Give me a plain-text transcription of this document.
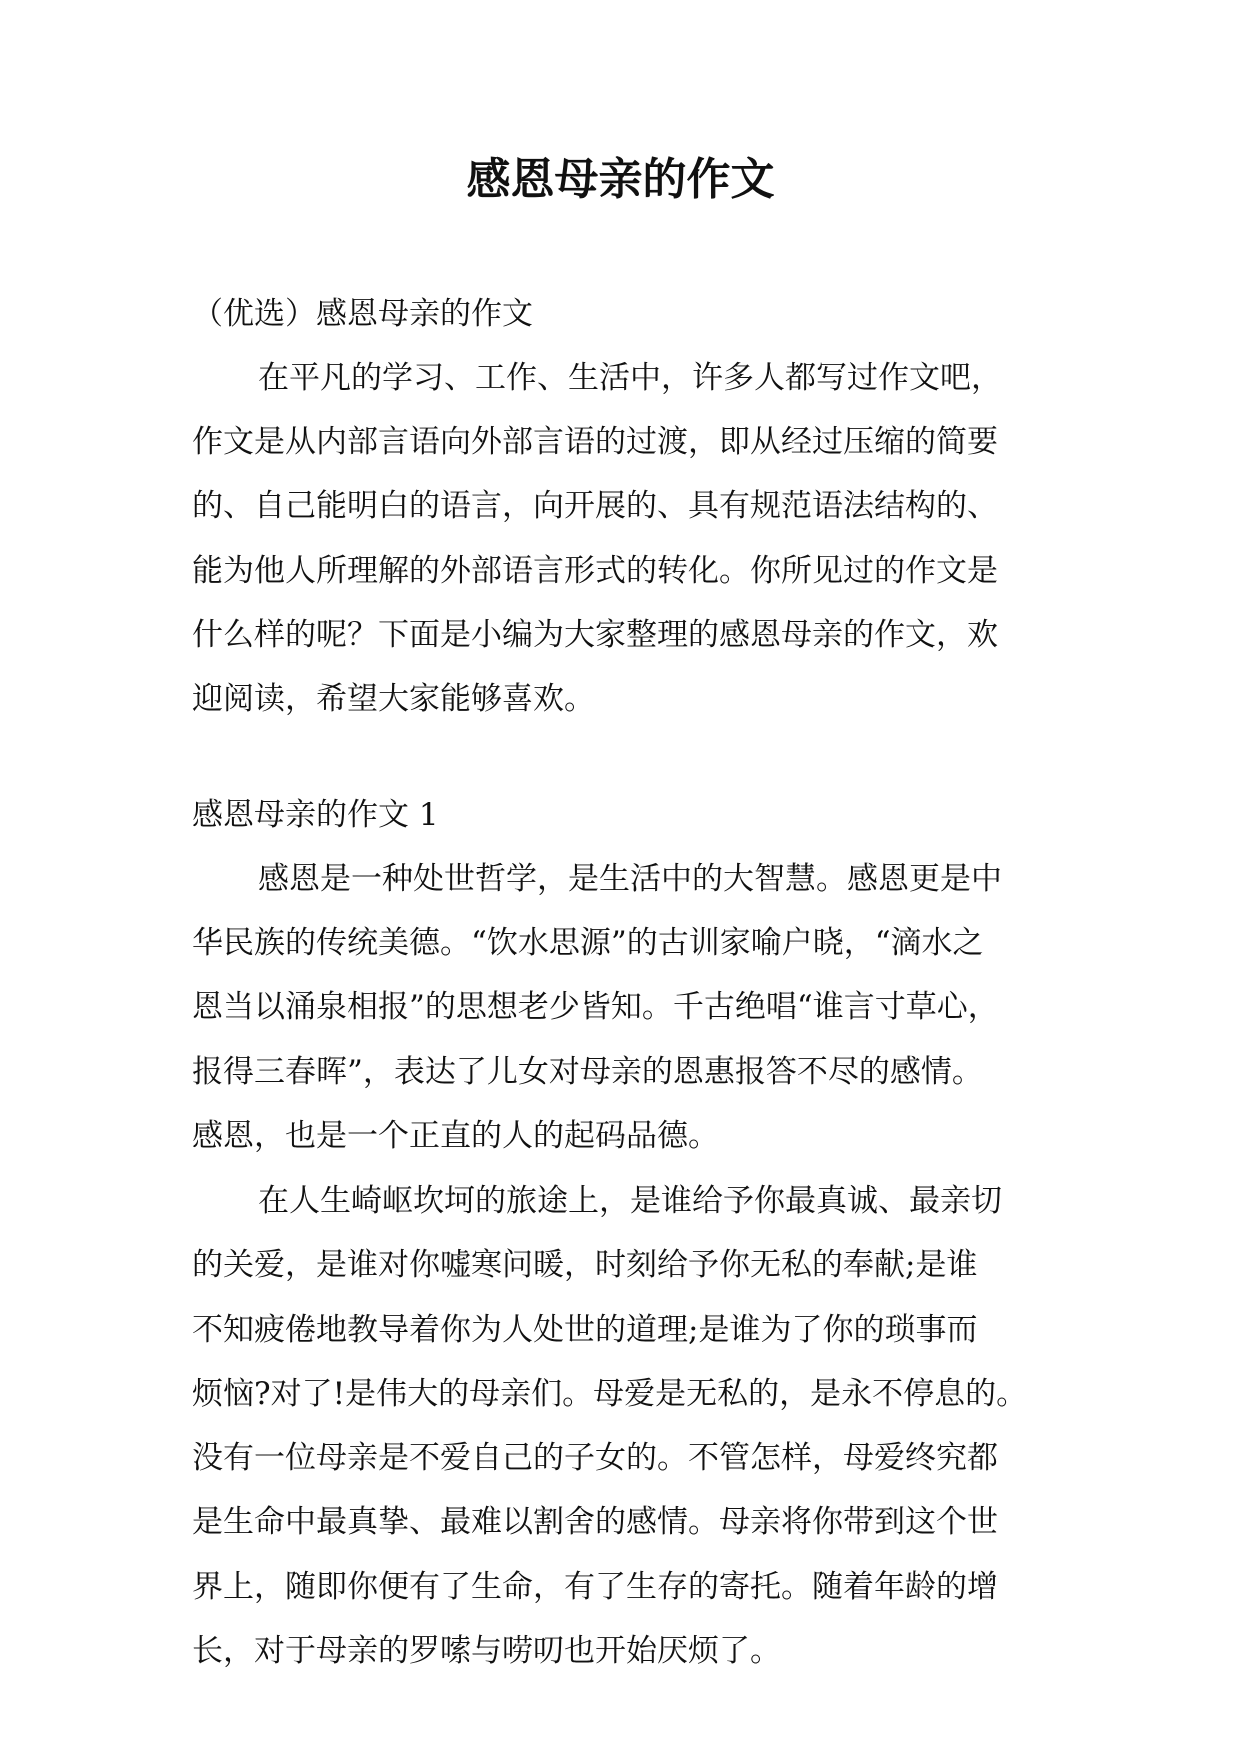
感恩母亲的作文

（优选）感恩母亲的作文

在平凡的学习、工作、生活中，许多人都写过作文吧，

作文是从内部言语向外部言语的过渡，即从经过压缩的简要

的、自己能明白的语言，向开展的、具有规范语法结构的、

能为他人所理解的外部语言形式的转化。你所见过的作文是

什么样的呢？下面是小编为大家整理的感恩母亲的作文，欢

迎阅读，希望大家能够喜欢。

感恩母亲的作文 1

感恩是一种处世哲学，是生活中的大智慧。感恩更是中

华民族的传统美德。“饮水思源”的古训家喻户晓，“滴水之

恩当以涌泉相报”的思想老少皆知。千古绝唱“谁言寸草心，

报得三春晖”，表达了儿女对母亲的恩惠报答不尽的感情。

感恩，也是一个正直的人的起码品德。

在人生崎岖坎坷的旅途上，是谁给予你最真诚、最亲切

的关爱，是谁对你嘘寒问暖，时刻给予你无私的奉献;是谁

不知疲倦地教导着你为人处世的道理;是谁为了你的琐事而

烦恼?对了!是伟大的母亲们。母爱是无私的，是永不停息的。

没有一位母亲是不爱自己的子女的。不管怎样，母爱终究都

是生命中最真挚、最难以割舍的感情。母亲将你带到这个世

界上，随即你便有了生命，有了生存的寄托。随着年龄的增

长，对于母亲的罗嗦与唠叨也开始厌烦了。
